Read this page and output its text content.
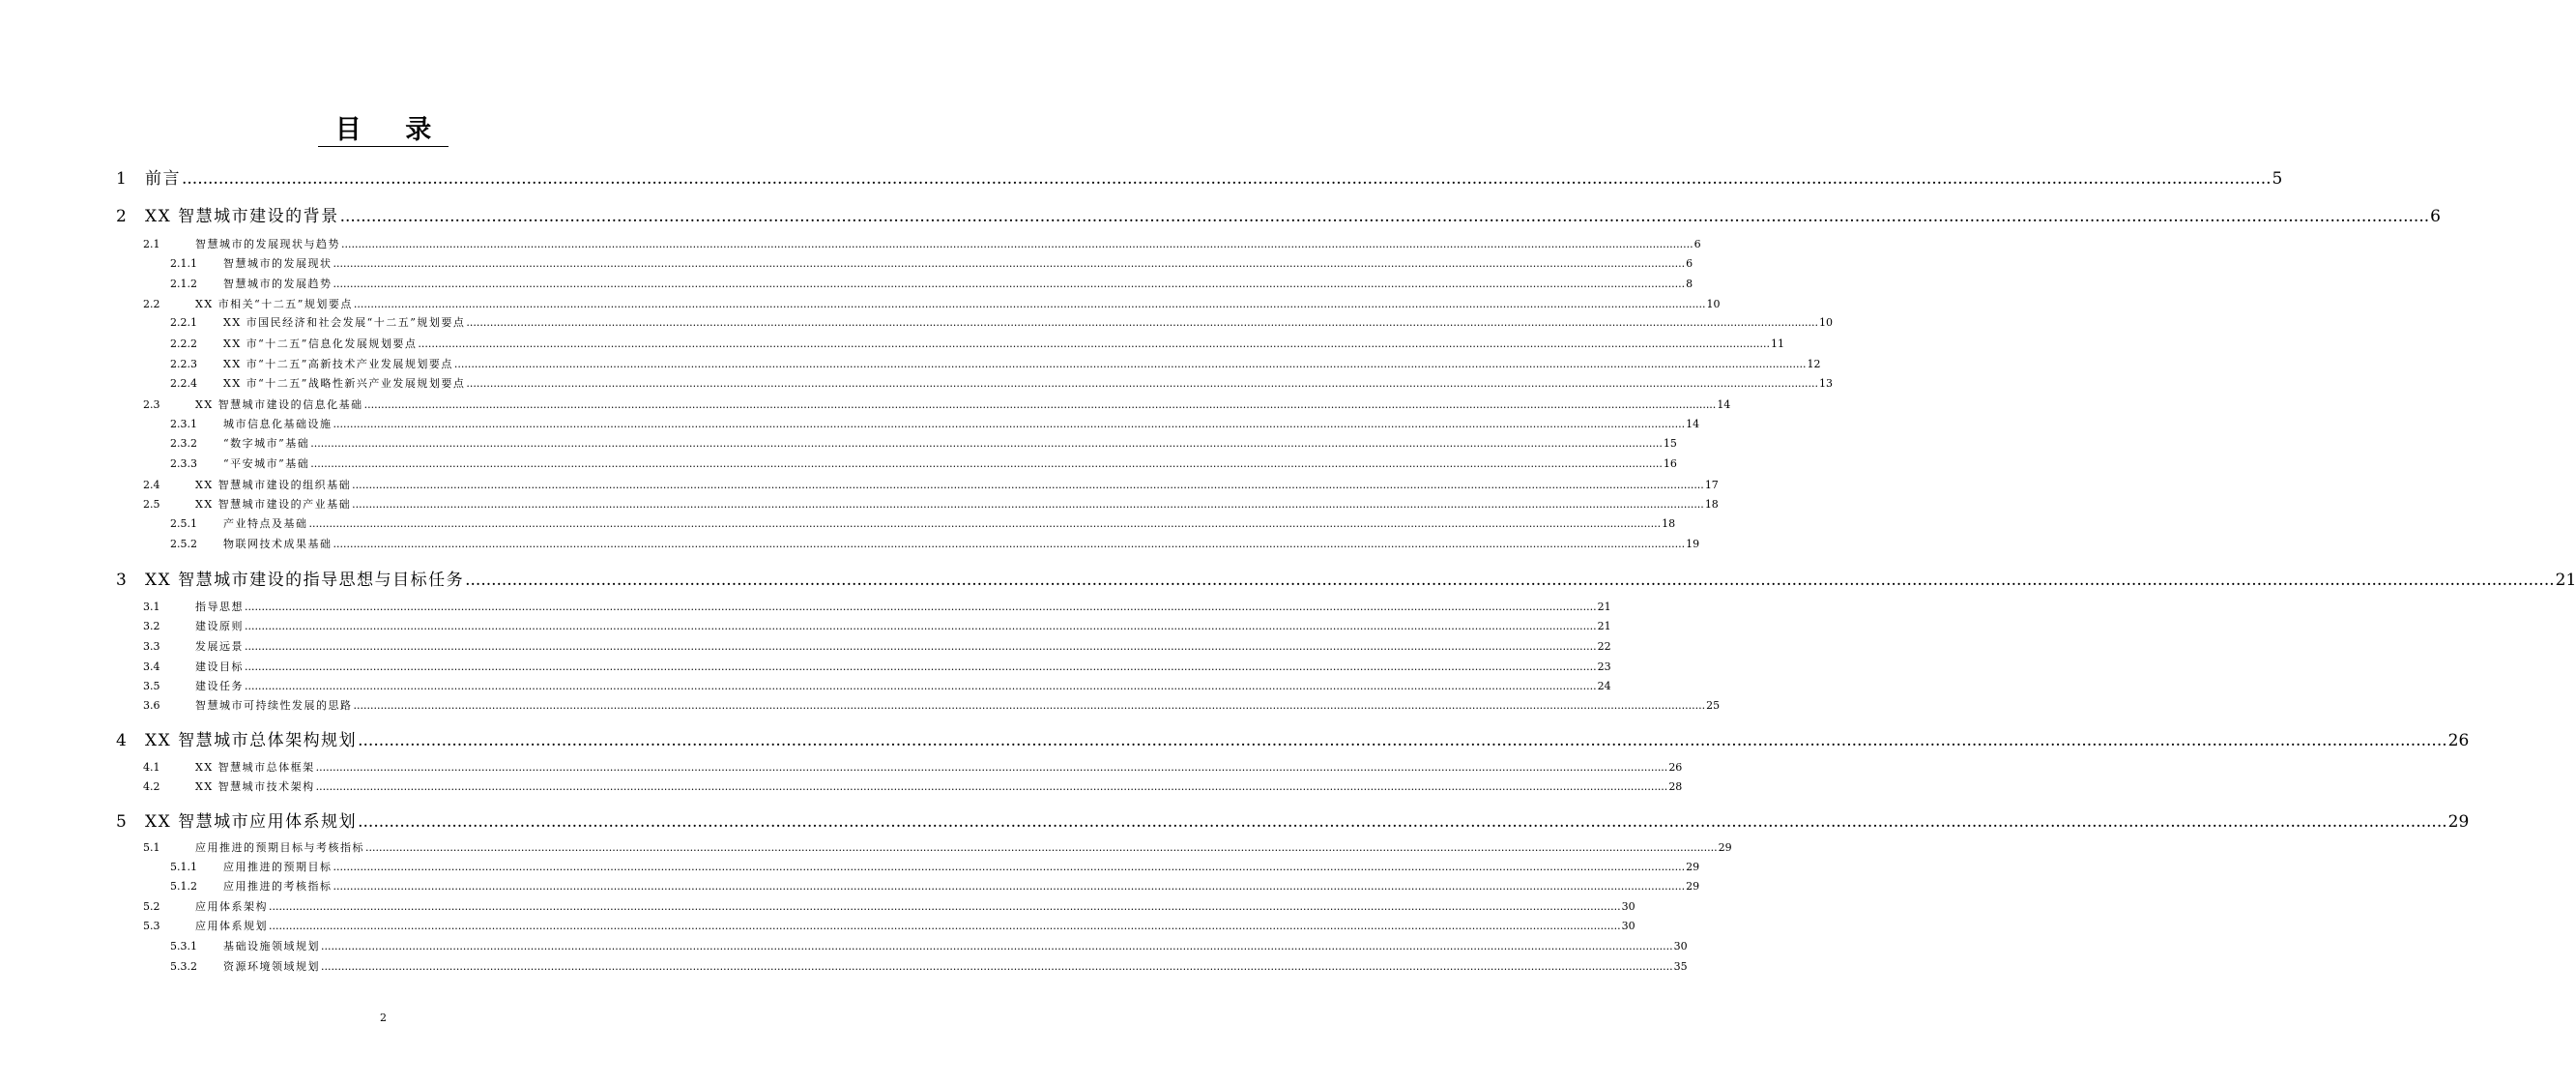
目 录
1	前言 ................................................................................................................................................................................................................................................................................................................................................................................................................ 5
2	XX 智慧城市建设的背景 ................................................................................................................................................................................................................................................................................................................................................................................................................ 6
2.1	智慧城市的发展现状与趋势 ................................................................................................................................................................................................................................................................................................................................................................................................................ 6
2.1.1	智慧城市的发展现状 ................................................................................................................................................................................................................................................................................................................................................................................................................ 6
2.1.2	智慧城市的发展趋势 ................................................................................................................................................................................................................................................................................................................................................................................................................ 8
2.2	XX 市相关“十二五”规划要点 ................................................................................................................................................................................................................................................................................................................................................................................................................ 10
2.2.1	XX 市国民经济和社会发展“十二五”规划要点 ................................................................................................................................................................................................................................................................................................................................................................................................................ 10
2.2.2	XX 市“十二五”信息化发展规划要点 ................................................................................................................................................................................................................................................................................................................................................................................................................ 11
2.2.3	XX 市“十二五”高新技术产业发展规划要点 ................................................................................................................................................................................................................................................................................................................................................................................................................ 12
2.2.4	XX 市“十二五”战略性新兴产业发展规划要点 ................................................................................................................................................................................................................................................................................................................................................................................................................ 13
2.3	XX 智慧城市建设的信息化基础 ................................................................................................................................................................................................................................................................................................................................................................................................................ 14
2.3.1	城市信息化基础设施 ................................................................................................................................................................................................................................................................................................................................................................................................................ 14
2.3.2	“数字城市”基础 ................................................................................................................................................................................................................................................................................................................................................................................................................ 15
2.3.3	“平安城市”基础 ................................................................................................................................................................................................................................................................................................................................................................................................................ 16
2.4	XX 智慧城市建设的组织基础 ................................................................................................................................................................................................................................................................................................................................................................................................................ 17
2.5	XX 智慧城市建设的产业基础 ................................................................................................................................................................................................................................................................................................................................................................................................................ 18
2.5.1	产业特点及基础 ................................................................................................................................................................................................................................................................................................................................................................................................................ 18
2.5.2	物联网技术成果基础 ................................................................................................................................................................................................................................................................................................................................................................................................................ 19
3	XX 智慧城市建设的指导思想与目标任务 ................................................................................................................................................................................................................................................................................................................................................................................................................ 21
3.1	指导思想 ................................................................................................................................................................................................................................................................................................................................................................................................................ 21
3.2	建设原则 ................................................................................................................................................................................................................................................................................................................................................................................................................ 21
3.3	发展远景 ................................................................................................................................................................................................................................................................................................................................................................................................................ 22
3.4	建设目标 ................................................................................................................................................................................................................................................................................................................................................................................................................ 23
3.5	建设任务 ................................................................................................................................................................................................................................................................................................................................................................................................................ 24
3.6	智慧城市可持续性发展的思路 ................................................................................................................................................................................................................................................................................................................................................................................................................ 25
4	XX 智慧城市总体架构规划 ................................................................................................................................................................................................................................................................................................................................................................................................................ 26
4.1	XX 智慧城市总体框架 ................................................................................................................................................................................................................................................................................................................................................................................................................ 26
4.2	XX 智慧城市技术架构 ................................................................................................................................................................................................................................................................................................................................................................................................................ 28
5	XX 智慧城市应用体系规划 ................................................................................................................................................................................................................................................................................................................................................................................................................ 29
5.1	应用推进的预期目标与考核指标 ................................................................................................................................................................................................................................................................................................................................................................................................................ 29
5.1.1	应用推进的预期目标 ................................................................................................................................................................................................................................................................................................................................................................................................................ 29
5.1.2	应用推进的考核指标 ................................................................................................................................................................................................................................................................................................................................................................................................................ 29
5.2	应用体系架构 ................................................................................................................................................................................................................................................................................................................................................................................................................ 30
5.3	应用体系规划 ................................................................................................................................................................................................................................................................................................................................................................................................................ 30
5.3.1	基础设施领域规划 ................................................................................................................................................................................................................................................................................................................................................................................................................ 30
5.3.2	资源环境领域规划 ................................................................................................................................................................................................................................................................................................................................................................................................................ 35
2
